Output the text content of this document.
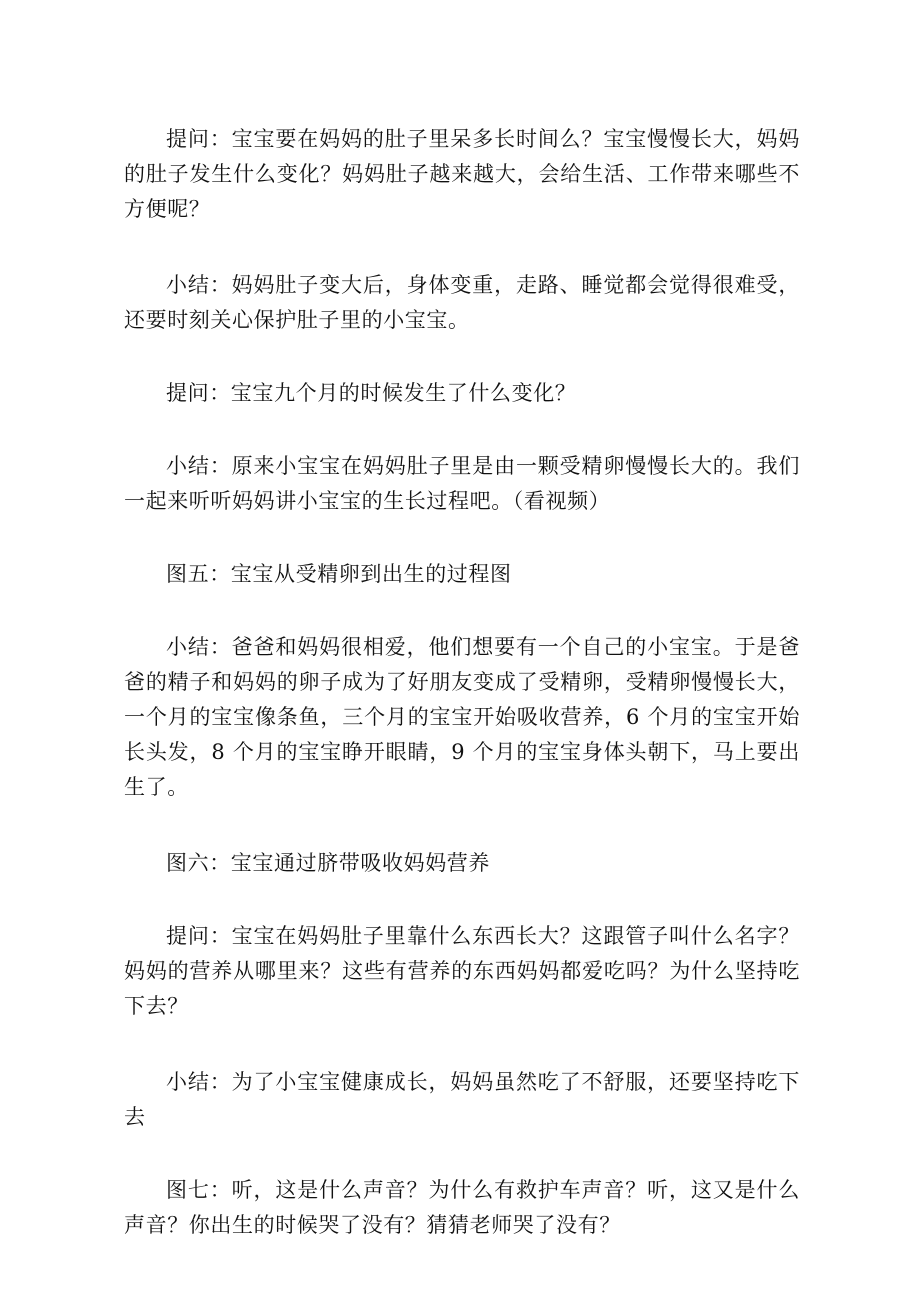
提问：宝宝要在妈妈的肚子里呆多长时间么？宝宝慢慢长大，妈妈的肚子发生什么变化？妈妈肚子越来越大，会给生活、工作带来哪些不方便呢？

小结：妈妈肚子变大后，身体变重，走路、睡觉都会觉得很难受，还要时刻关心保护肚子里的小宝宝。

提问：宝宝九个月的时候发生了什么变化？

小结：原来小宝宝在妈妈肚子里是由一颗受精卵慢慢长大的。我们一起来听听妈妈讲小宝宝的生长过程吧。（看视频）

图五：宝宝从受精卵到出生的过程图

小结：爸爸和妈妈很相爱，他们想要有一个自己的小宝宝。于是爸爸的精子和妈妈的卵子成为了好朋友变成了受精卵，受精卵慢慢长大，一个月的宝宝像条鱼，三个月的宝宝开始吸收营养，6 个月的宝宝开始长头发，8 个月的宝宝睁开眼睛，9 个月的宝宝身体头朝下，马上要出生了。

图六：宝宝通过脐带吸收妈妈营养

提问：宝宝在妈妈肚子里靠什么东西长大？这跟管子叫什么名字？妈妈的营养从哪里来？这些有营养的东西妈妈都爱吃吗？为什么坚持吃下去？

小结：为了小宝宝健康成长，妈妈虽然吃了不舒服，还要坚持吃下去

图七：听，这是什么声音？为什么有救护车声音？听，这又是什么声音？你出生的时候哭了没有？猜猜老师哭了没有？
